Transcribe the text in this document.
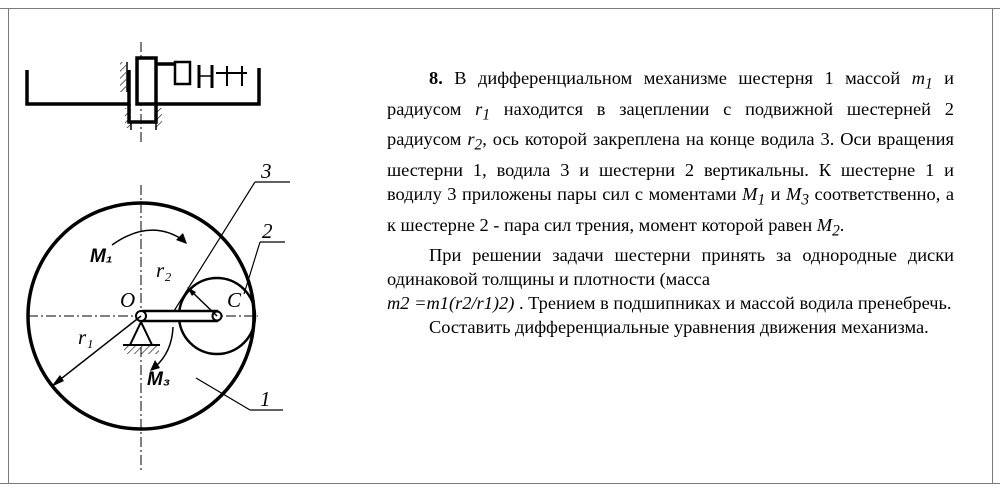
3
2
1
O	C
M₁
M₃
r₁
r₂

8. В дифференциальном механизме шестерня 1 массой $m_1$ и радиусом $r_1$ находится в зацеплении с подвижной шестерней 2 радиусом $r_2$, ось которой закреплена на конце водила 3. Оси вращения шестерни 1, водила 3 и шестерни 2 вертикальны. К шестерне 1 и водилу 3 приложены пары сил с моментами $M_1$ и $M_3$ соответственно, а к шестерне 2 - пара сил трения, момент которой равен $M_2$.

При решении задачи шестерни принять за однородные диски одинаковой толщины и плотности (масса
m2 =m1(r2/r1)2) . Трением в подшипниках и массой водила пренебречь.

Составить дифференциальные уравнения движения механизма.
